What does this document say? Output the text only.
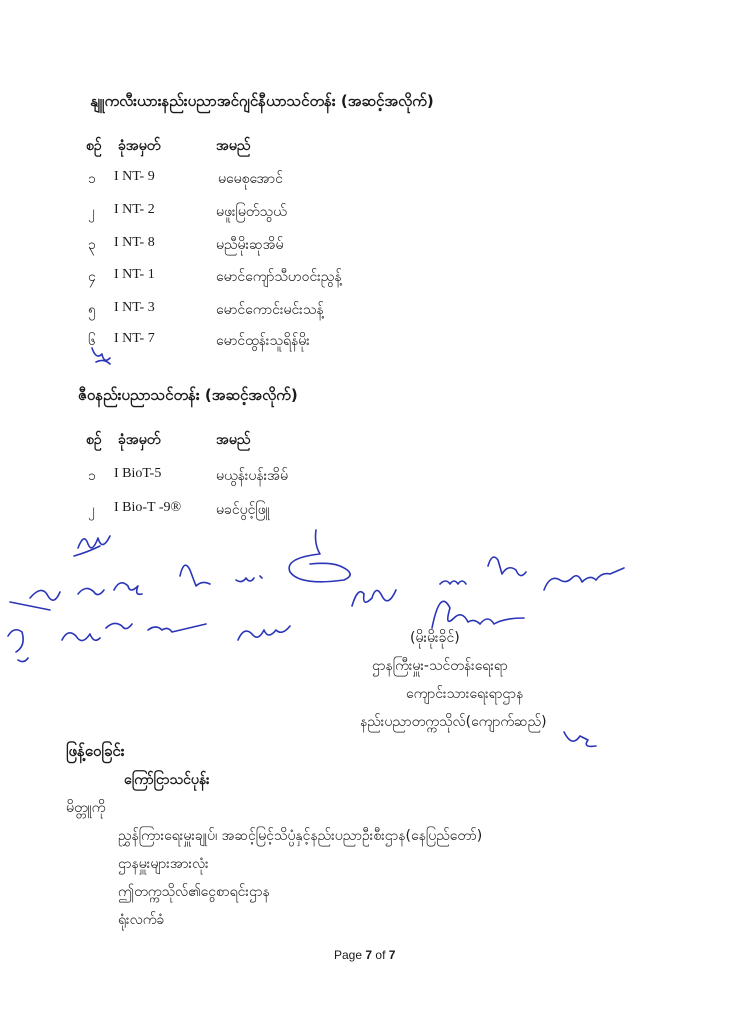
နျူကလီးယားနည်းပညာအင်ဂျင်နီယာသင်တန်း (အဆင့်အလိုက်)
စဥ် ခုံအမှတ်	အမည်
၁ I NT- 9	မမေစုအောင်
၂ I NT- 2	မဖူးမြတ်သွယ်
၃ I NT- 8	မညီမိုးဆုအိမ်
၄ I NT- 1	မောင်ကျော်သီဟဝင်းညွန့်
၅ I NT- 3	မောင်ကောင်းမင်းသန့်
၆ I NT- 7	မောင်ထွန်းသူရိန်မိုး
ဇီဝနည်းပညာသင်တန်း (အဆင့်အလိုက်)
စဥ် ခုံအမှတ်	အမည်
၁ I BioT-5	မယွန်းပန်းအိမ်
၂ I Bio-T -9® မခင်ပွင့်ဖြူ
(မိုးမိုးခိုင်)
ဌာနကြီးမှူး-သင်တန်းရေးရာ
ကျောင်းသားရေးရာဌာန
နည်းပညာတက္ကသိုလ်(ကျောက်ဆည်)
ဖြန့်ဝေခြင်း
ကြော်ငြာသင်ပုန်း
မိတ္တူကို
ညွှန်ကြားရေးမှူးချုပ်၊ အဆင့်မြင့်သိပ္ပံနှင့်နည်းပညာဦးစီးဌာန(နေပြည်တော်)
ဌာနမှူးများအားလုံး
ဤတက္ကသိုလ်၏ငွေစာရင်းဌာန
ရုံးလက်ခံ
Page 7 of 7
